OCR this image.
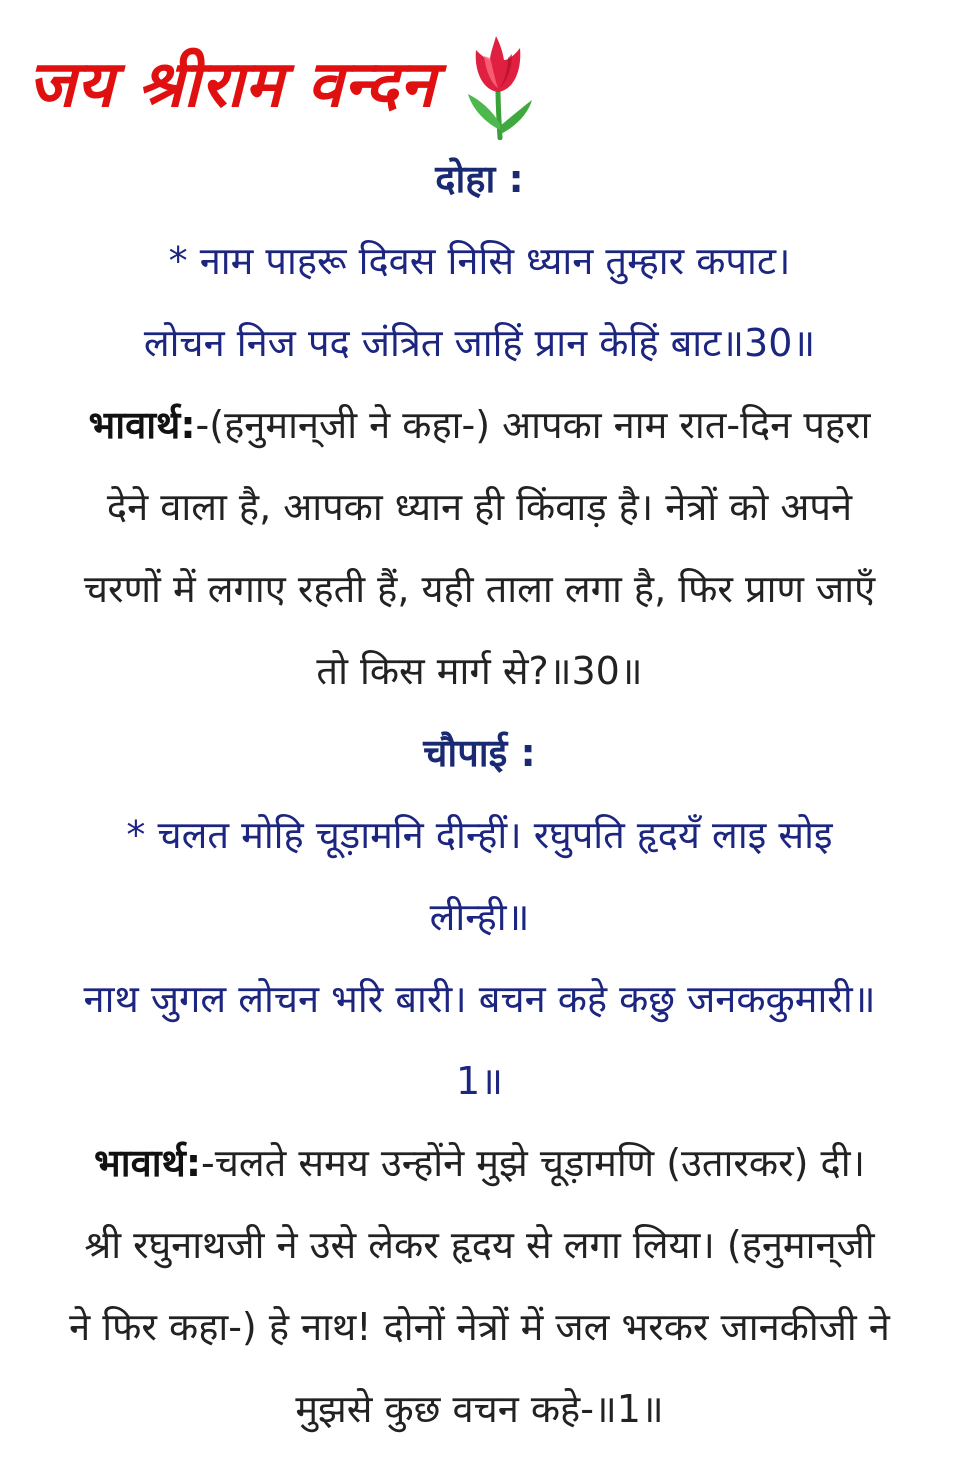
जय श्रीराम वन्दन
दोहा :
* नाम पाहरू दिवस निसि ध्यान तुम्हार कपाट।
लोचन निज पद जंत्रित जाहिं प्रान केहिं बाट॥30॥
भावार्थ:-(हनुमान्‌जी ने कहा-) आपका नाम रात-दिन पहरा
देने वाला है, आपका ध्यान ही किंवाड़ है। नेत्रों को अपने
चरणों में लगाए रहती हैं, यही ताला लगा है, फिर प्राण जाएँ
तो किस मार्ग से?॥30॥
चौपाई :
* चलत मोहि चूड़ामनि दीन्हीं। रघुपति हृदयँ लाइ सोइ
लीन्ही॥
नाथ जुगल लोचन भरि बारी। बचन कहे कछु जनककुमारी॥
1॥
भावार्थ:-चलते समय उन्होंने मुझे चूड़ामणि (उतारकर) दी।
श्री रघुनाथजी ने उसे लेकर हृदय से लगा लिया। (हनुमान्‌जी
ने फिर कहा-) हे नाथ! दोनों नेत्रों में जल भरकर जानकीजी ने
मुझसे कुछ वचन कहे-॥1॥
